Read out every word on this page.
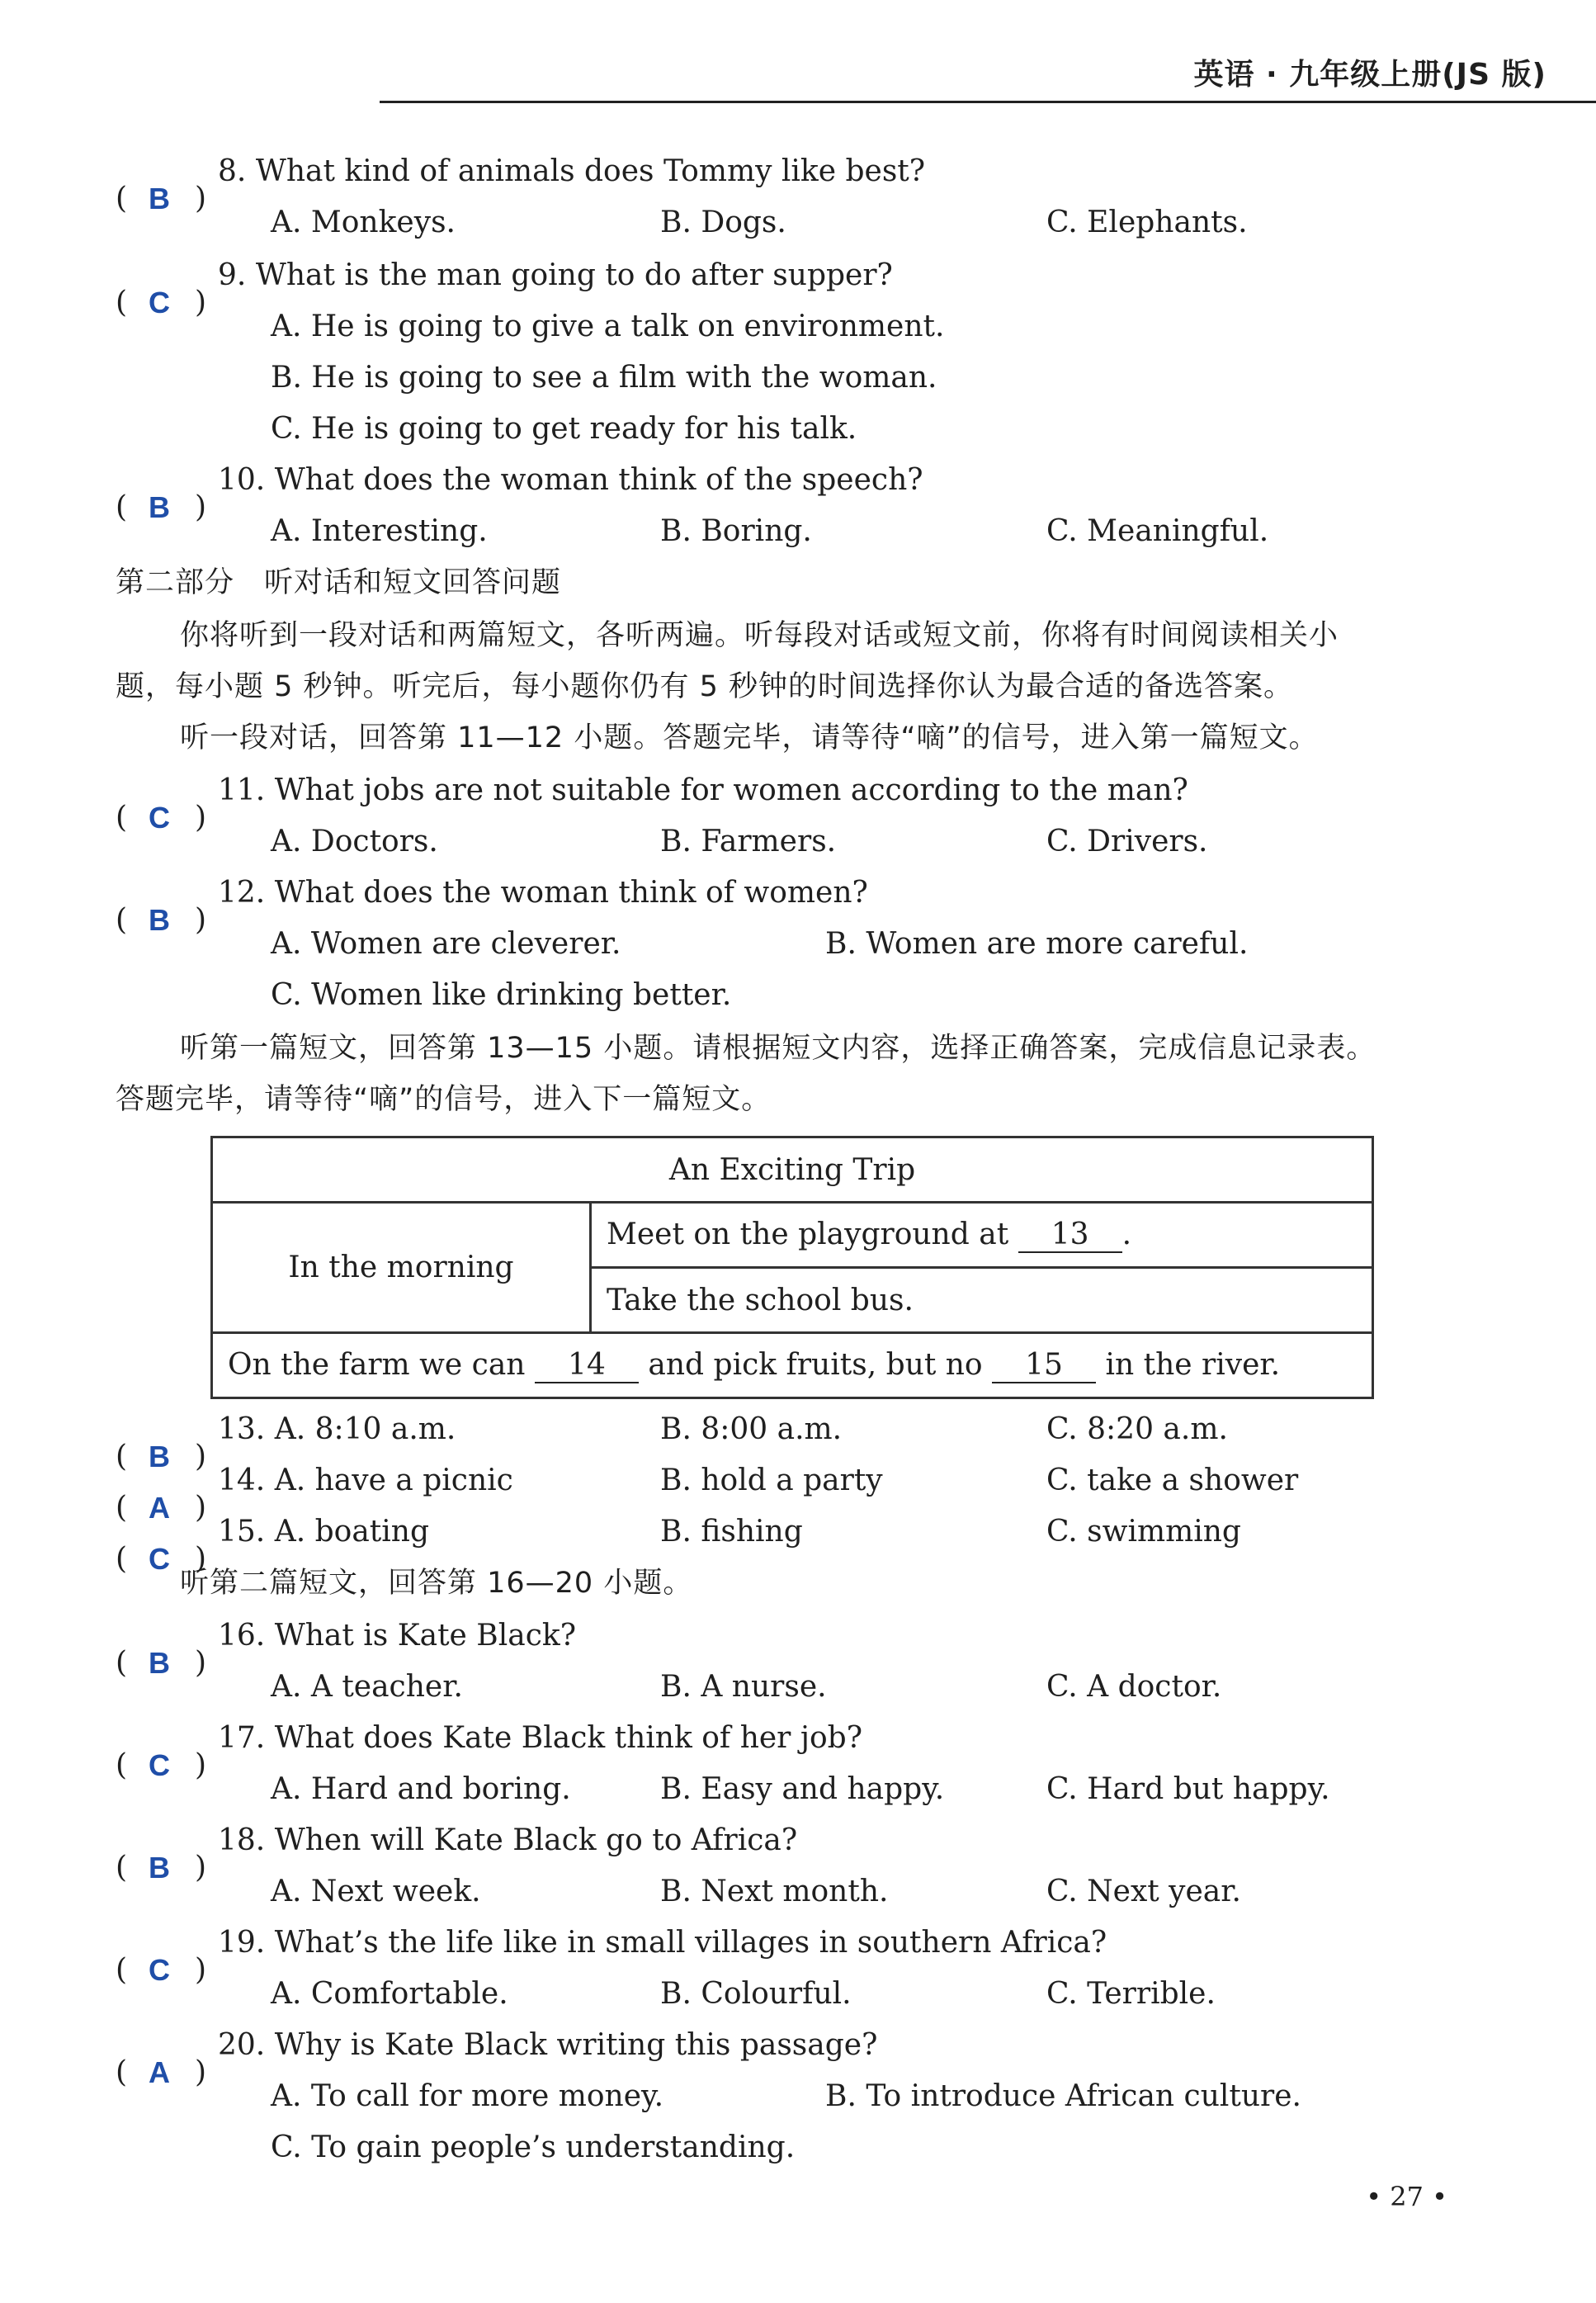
英语 · 九年级上册(JS 版)
( B )
8. What kind of animals does Tommy like best?
A. Monkeys.	B. Dogs.	C. Elephants.
( C )
9. What is the man going to do after supper?
A. He is going to give a talk on environment.
B. He is going to see a film with the woman.
C. He is going to get ready for his talk.
( B )
10. What does the woman think of the speech?
A. Interesting.	B. Boring.	C. Meaningful.
第二部分　听对话和短文回答问题
你将听到一段对话和两篇短文，各听两遍。听每段对话或短文前，你将有时间阅读相关小
题，每小题 5 秒钟。听完后，每小题你仍有 5 秒钟的时间选择你认为最合适的备选答案。
听一段对话，回答第 11—12 小题。答题完毕，请等待“嘀”的信号，进入第一篇短文。
( C )
11. What jobs are not suitable for women according to the man?
A. Doctors.	B. Farmers.	C. Drivers.
( B )
12. What does the woman think of women?
A. Women are cleverer.	B. Women are more careful.
C. Women like drinking better.
听第一篇短文，回答第 13—15 小题。请根据短文内容，选择正确答案，完成信息记录表。
答题完毕，请等待“嘀”的信号，进入下一篇短文。
An Exciting Trip
In the morning	Meet on the playground at 13 .
Take the school bus.
On the farm we can 14 and pick fruits, but no 15 in the river.
( B )
13. A. 8:10 a.m.	B. 8:00 a.m.	C. 8:20 a.m.
( A )
14. A. have a picnic	B. hold a party	C. take a shower
( C )
15. A. boating	B. fishing	C. swimming
听第二篇短文，回答第 16—20 小题。
( B )
16. What is Kate Black?
A. A teacher.	B. A nurse.	C. A doctor.
( C )
17. What does Kate Black think of her job?
A. Hard and boring.	B. Easy and happy.	C. Hard but happy.
( B )
18. When will Kate Black go to Africa?
A. Next week.	B. Next month.	C. Next year.
( C )
19. What’s the life like in small villages in southern Africa?
A. Comfortable.	B. Colourful.	C. Terrible.
( A )
20. Why is Kate Black writing this passage?
A. To call for more money.	B. To introduce African culture.
C. To gain people’s understanding.
• 27 •
